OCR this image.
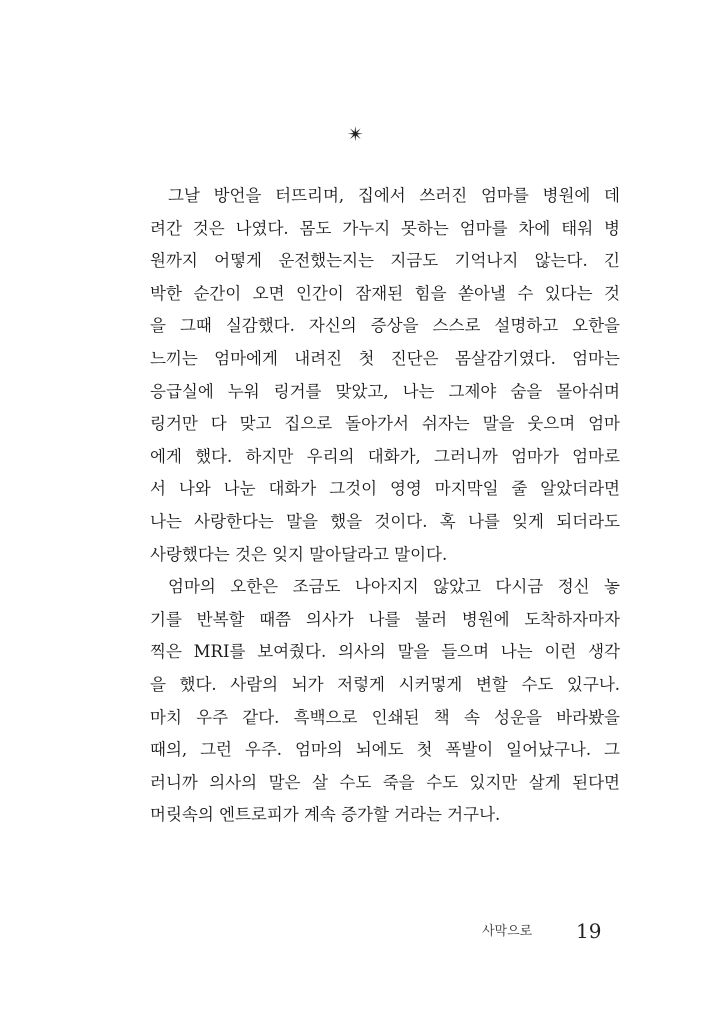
✴
그날 방언을 터뜨리며, 집에서 쓰러진 엄마를 병원에 데
려간 것은 나였다. 몸도 가누지 못하는 엄마를 차에 태워 병
원까지 어떻게 운전했는지는 지금도 기억나지 않는다. 긴
박한 순간이 오면 인간이 잠재된 힘을 쏟아낼 수 있다는 것
을 그때 실감했다. 자신의 증상을 스스로 설명하고 오한을
느끼는 엄마에게 내려진 첫 진단은 몸살감기였다. 엄마는
응급실에 누워 링거를 맞았고, 나는 그제야 숨을 몰아쉬며
링거만 다 맞고 집으로 돌아가서 쉬자는 말을 웃으며 엄마
에게 했다. 하지만 우리의 대화가, 그러니까 엄마가 엄마로
서 나와 나눈 대화가 그것이 영영 마지막일 줄 알았더라면
나는 사랑한다는 말을 했을 것이다. 혹 나를 잊게 되더라도
사랑했다는 것은 잊지 말아달라고 말이다.
엄마의 오한은 조금도 나아지지 않았고 다시금 정신 놓
기를 반복할 때쯤 의사가 나를 불러 병원에 도착하자마자
찍은 MRI를 보여줬다. 의사의 말을 들으며 나는 이런 생각
을 했다. 사람의 뇌가 저렇게 시커멓게 변할 수도 있구나.
마치 우주 같다. 흑백으로 인쇄된 책 속 성운을 바라봤을
때의, 그런 우주. 엄마의 뇌에도 첫 폭발이 일어났구나. 그
러니까 의사의 말은 살 수도 죽을 수도 있지만 살게 된다면
머릿속의 엔트로피가 계속 증가할 거라는 거구나.
사막으로 19
